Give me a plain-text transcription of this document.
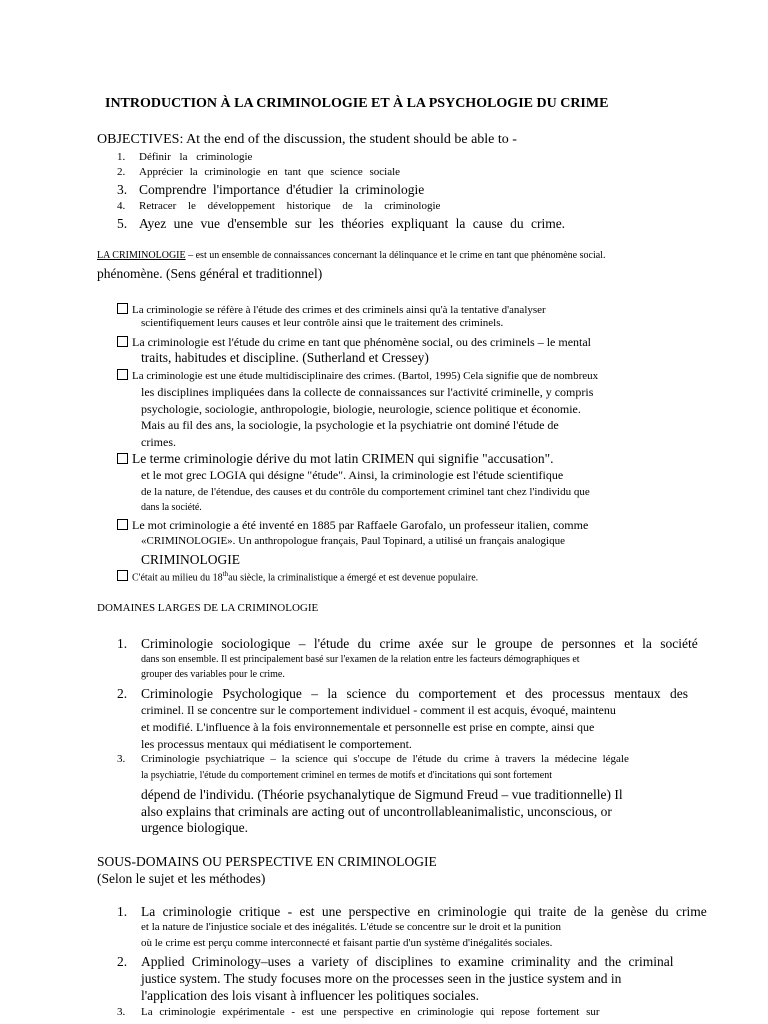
INTRODUCTION À LA CRIMINOLOGIE ET À LA PSYCHOLOGIE DU CRIME
OBJECTIVES: At the end of the discussion, the student should be able to -
1. Définir la criminologie
2. Apprécier la criminologie en tant que science sociale
3. Comprendre l'importance d'étudier la criminologie
4. Retracer le développement historique de la criminologie
5. Ayez une vue d'ensemble sur les théories expliquant la cause du crime.
LA CRIMINOLOGIE – est un ensemble de connaissances concernant la délinquance et le crime en tant que phénomène social.
phénomène. (Sens général et traditionnel)
La criminologie se réfère à l'étude des crimes et des criminels ainsi qu'à la tentative d'analyser
scientifiquement leurs causes et leur contrôle ainsi que le traitement des criminels.
La criminologie est l'étude du crime en tant que phénomène social, ou des criminels – le mental
traits, habitudes et discipline. (Sutherland et Cressey)
La criminologie est une étude multidisciplinaire des crimes. (Bartol, 1995) Cela signifie que de nombreux
les disciplines impliquées dans la collecte de connaissances sur l'activité criminelle, y compris
psychologie, sociologie, anthropologie, biologie, neurologie, science politique et économie.
Mais au fil des ans, la sociologie, la psychologie et la psychiatrie ont dominé l'étude de
crimes.
Le terme criminologie dérive du mot latin CRIMEN qui signifie "accusation".
et le mot grec LOGIA qui désigne "étude". Ainsi, la criminologie est l'étude scientifique
de la nature, de l'étendue, des causes et du contrôle du comportement criminel tant chez l'individu que
dans la société.
Le mot criminologie a été inventé en 1885 par Raffaele Garofalo, un professeur italien, comme
«CRIMINOLOGIE». Un anthropologue français, Paul Topinard, a utilisé un français analogique
CRIMINOLOGIE
C'était au milieu du 18thau siècle, la criminalistique a émergé et est devenue populaire.
DOMAINES LARGES DE LA CRIMINOLOGIE
1. Criminologie sociologique – l'étude du crime axée sur le groupe de personnes et la société
dans son ensemble. Il est principalement basé sur l'examen de la relation entre les facteurs démographiques et
grouper des variables pour le crime.
2. Criminologie Psychologique – la science du comportement et des processus mentaux des
criminel. Il se concentre sur le comportement individuel - comment il est acquis, évoqué, maintenu
et modifié. L'influence à la fois environnementale et personnelle est prise en compte, ainsi que
les processus mentaux qui médiatisent le comportement.
3. Criminologie psychiatrique – la science qui s'occupe de l'étude du crime à travers la médecine légale
la psychiatrie, l'étude du comportement criminel en termes de motifs et d'incitations qui sont fortement
dépend de l'individu. (Théorie psychanalytique de Sigmund Freud – vue traditionnelle) Il
also explains that criminals are acting out of uncontrollableanimalistic, unconscious, or
urgence biologique.
SOUS-DOMAINS OU PERSPECTIVE EN CRIMINOLOGIE
(Selon le sujet et les méthodes)
1. La criminologie critique - est une perspective en criminologie qui traite de la genèse du crime
et la nature de l'injustice sociale et des inégalités. L'étude se concentre sur le droit et la punition
où le crime est perçu comme interconnecté et faisant partie d'un système d'inégalités sociales.
2. Applied Criminology–uses a variety of disciplines to examine criminality and the criminal
justice system. The study focuses more on the processes seen in the justice system and in
l'application des lois visant à influencer les politiques sociales.
3. La criminologie expérimentale - est une perspective en criminologie qui repose fortement sur
